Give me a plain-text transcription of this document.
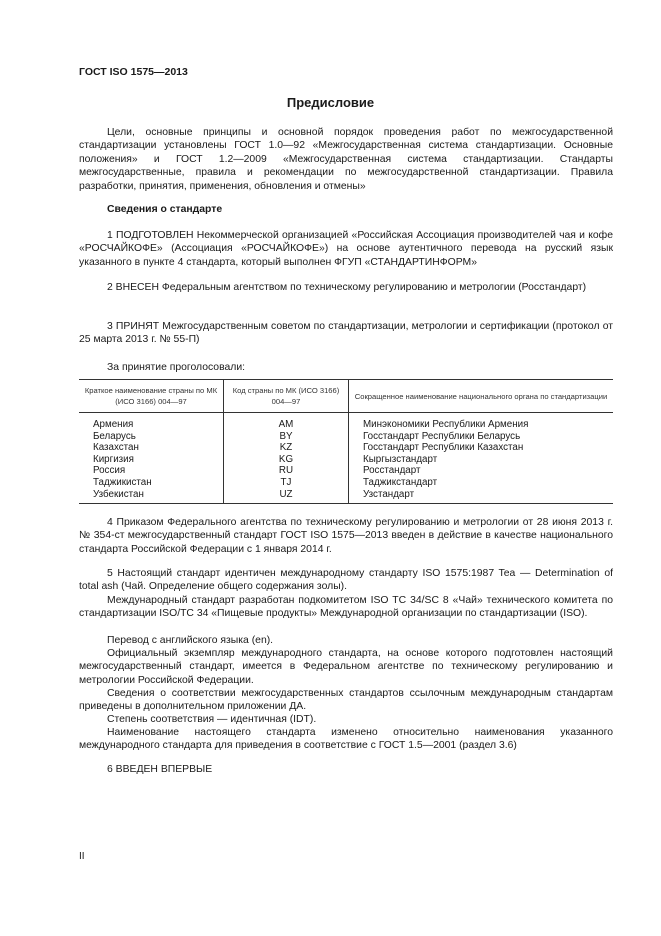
ГОСТ ISO 1575—2013
Предисловие

Цели, основные принципы и основной порядок проведения работ по межгосударственной стандартизации установлены ГОСТ 1.0—92 «Межгосударственная система стандартизации. Основные положения» и ГОСТ 1.2—2009 «Межгосударственная система стандартизации. Стандарты межгосударственные, правила и рекомендации по межгосударственной стандартизации. Правила разработки, принятия, применения, обновления и отмены»

Сведения о стандарте

1 ПОДГОТОВЛЕН Некоммерческой организацией «Российская Ассоциация производителей чая и кофе «РОСЧАЙКОФЕ» (Ассоциация «РОСЧАЙКОФЕ») на основе аутентичного перевода на русский язык указанного в пункте 4 стандарта, который выполнен ФГУП «СТАНДАРТИНФОРМ»

2 ВНЕСЕН Федеральным агентством по техническому регулированию и метрологии (Росстандарт)

3 ПРИНЯТ Межгосударственным советом по стандартизации, метрологии и сертификации (протокол от 25 марта 2013 г. № 55-П)

За принятие проголосовали:

Краткое наименование страны по МК (ИСО 3166) 004—97	Код страны по МК (ИСО 3166) 004—97	Сокращенное наименование национального органа по стандартизации
Армения	AM	Минэкономики Республики Армения
Беларусь	BY	Госстандарт Республики Беларусь
Казахстан	KZ	Госстандарт Республики Казахстан
Киргизия	KG	Кыргызстандарт
Россия	RU	Росстандарт
Таджикистан	TJ	Таджикстандарт
Узбекистан	UZ	Узстандарт

4 Приказом Федерального агентства по техническому регулированию и метрологии от 28 июня 2013 г. № 354-ст межгосударственный стандарт ГОСТ ISO 1575—2013 введен в действие в качестве национального стандарта Российской Федерации с 1 января 2014 г.

5 Настоящий стандарт идентичен международному стандарту ISO 1575:1987 Tea — Determination of total ash (Чай. Определение общего содержания золы).

Международный стандарт разработан подкомитетом ISO TC 34/SC 8 «Чай» технического комитета по стандартизации ISO/TC 34 «Пищевые продукты» Международной организации по стандартизации (ISO).

Перевод с английского языка (en).

Официальный экземпляр международного стандарта, на основе которого подготовлен настоящий межгосударственный стандарт, имеется в Федеральном агентстве по техническому регулированию и метрологии Российской Федерации.

Сведения о соответствии межгосударственных стандартов ссылочным международным стандартам приведены в дополнительном приложении ДА.

Степень соответствия — идентичная (IDT).

Наименование настоящего стандарта изменено относительно наименования указанного международного стандарта для приведения в соответствие с ГОСТ 1.5—2001 (раздел 3.6)

6 ВВЕДЕН ВПЕРВЫЕ

II
